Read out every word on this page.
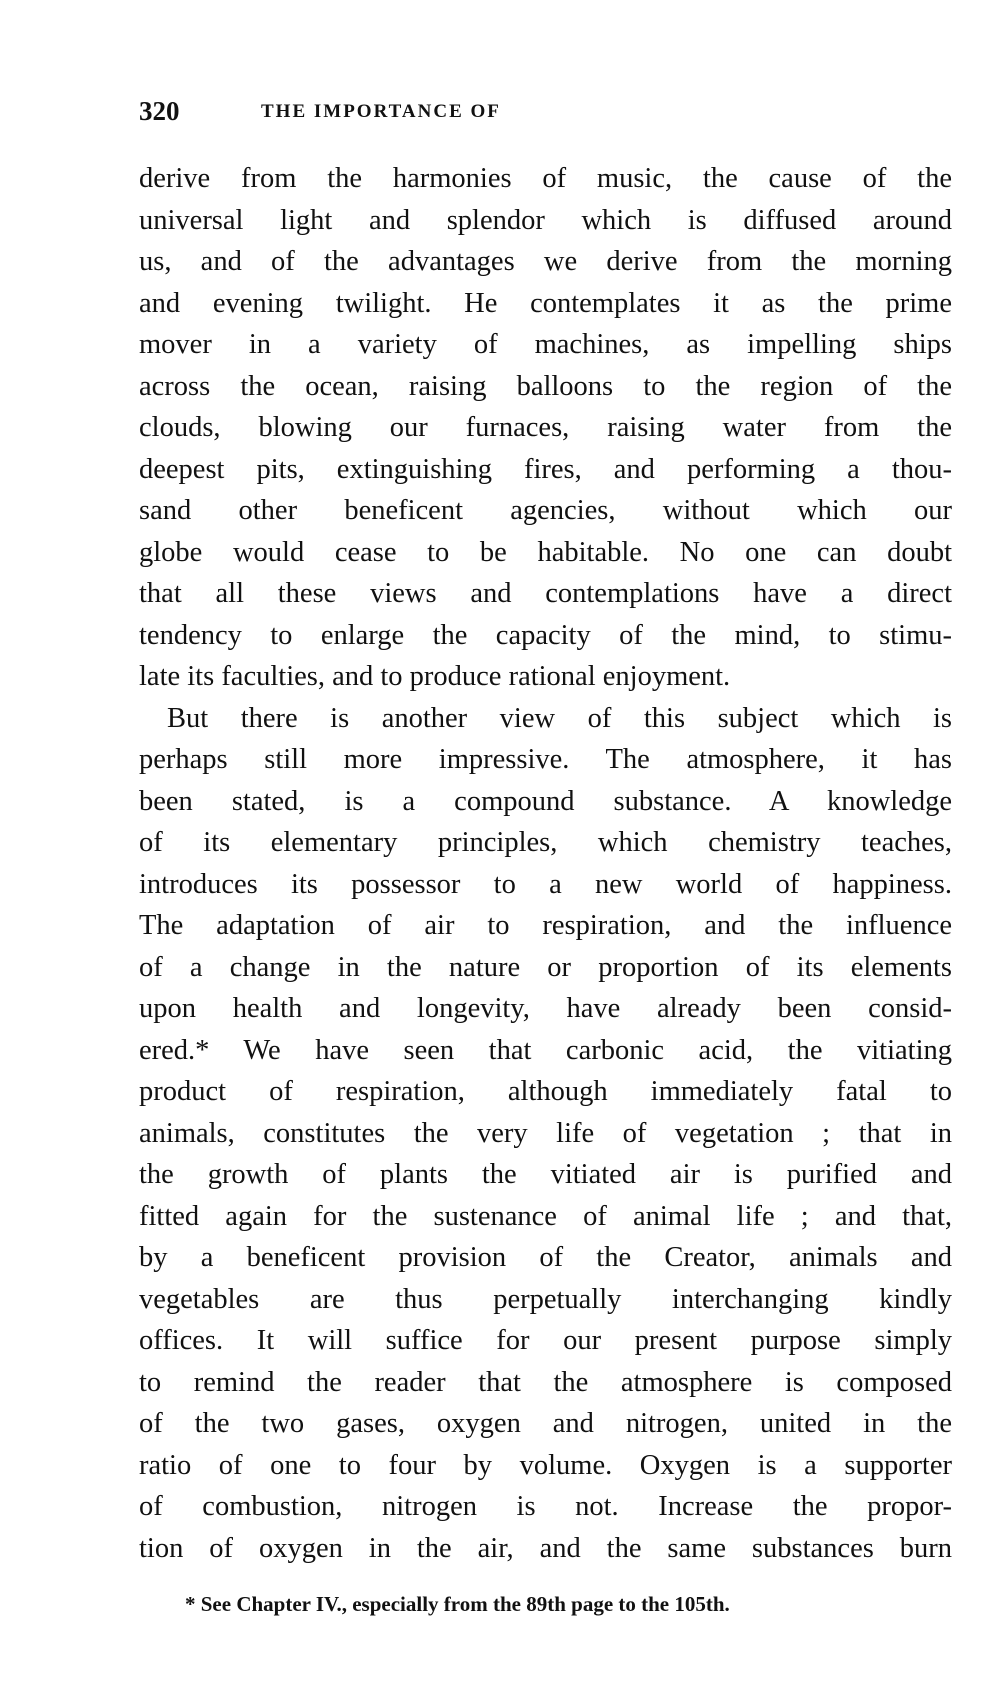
320	THE IMPORTANCE OF
derive from the harmonies of music, the cause of the
universal light and splendor which is diffused around
us, and of the advantages we derive from the morning
and evening twilight. He contemplates it as the prime
mover in a variety of machines, as impelling ships
across the ocean, raising balloons to the region of the
clouds, blowing our furnaces, raising water from the
deepest pits, extinguishing fires, and performing a thou-
sand other beneficent agencies, without which our
globe would cease to be habitable. No one can doubt
that all these views and contemplations have a direct
tendency to enlarge the capacity of the mind, to stimu-
late its faculties, and to produce rational enjoyment.
But there is another view of this subject which is
perhaps still more impressive. The atmosphere, it has
been stated, is a compound substance. A knowledge
of its elementary principles, which chemistry teaches,
introduces its possessor to a new world of happiness.
The adaptation of air to respiration, and the influence
of a change in the nature or proportion of its elements
upon health and longevity, have already been consid-
ered.* We have seen that carbonic acid, the vitiating
product of respiration, although immediately fatal to
animals, constitutes the very life of vegetation ; that in
the growth of plants the vitiated air is purified and
fitted again for the sustenance of animal life ; and that,
by a beneficent provision of the Creator, animals and
vegetables are thus perpetually interchanging kindly
offices. It will suffice for our present purpose simply
to remind the reader that the atmosphere is composed
of the two gases, oxygen and nitrogen, united in the
ratio of one to four by volume. Oxygen is a supporter
of combustion, nitrogen is not. Increase the propor-
tion of oxygen in the air, and the same substances burn
* See Chapter IV., especially from the 89th page to the 105th.
